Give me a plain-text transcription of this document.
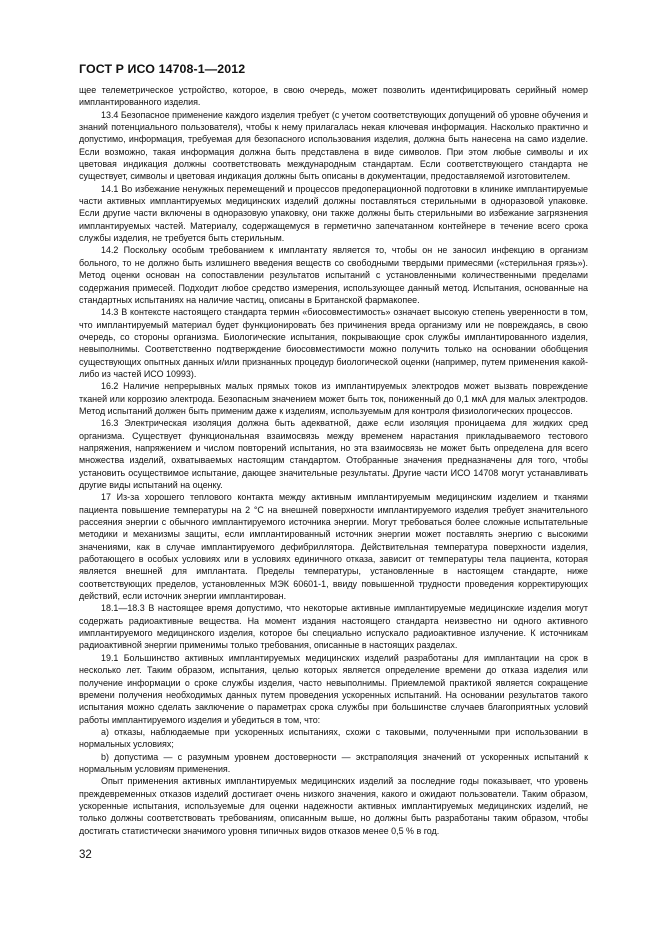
ГОСТ Р ИСО 14708-1—2012

щее телеметрическое устройство, которое, в свою очередь, может позволить идентифицировать серийный номер имплантированного изделия.

13.4 Безопасное применение каждого изделия требует (с учетом соответствующих допущений об уровне обучения и знаний потенциального пользователя), чтобы к нему прилагалась некая ключевая информация. Насколько практично и допустимо, информация, требуемая для безопасного использования изделия, должна быть нанесена на само изделие. Если возможно, такая информация должна быть представлена в виде символов. При этом любые символы и их цветовая индикация должны соответствовать международным стандартам. Если соответствующего стандарта не существует, символы и цветовая индикация должны быть описаны в документации, предоставляемой изготовителем.

14.1 Во избежание ненужных перемещений и процессов предоперационной подготовки в клинике имплантируемые части активных имплантируемых медицинских изделий должны поставляться стерильными в одноразовой упаковке. Если другие части включены в одноразовую упаковку, они также должны быть стерильными во избежание загрязнения имплантируемых частей. Материалу, содержащемуся в герметично запечатанном контейнере в течение всего срока службы изделия, не требуется быть стерильным.

14.2 Поскольку особым требованием к имплантату является то, чтобы он не заносил инфекцию в организм больного, то не должно быть излишнего введения веществ со свободными твердыми примесями («стерильная грязь»). Метод оценки основан на сопоставлении результатов испытаний с установленными количественными пределами содержания примесей. Подходит любое средство измерения, использующее данный метод. Испытания, основанные на стандартных испытаниях на наличие частиц, описаны в Британской фармакопее.

14.3 В контексте настоящего стандарта термин «биосовместимость» означает высокую степень уверенности в том, что имплантируемый материал будет функционировать без причинения вреда организму или не повреждаясь, в свою очередь, со стороны организма. Биологические испытания, покрывающие срок службы имплантированного изделия, невыполнимы. Соответственно подтверждение биосовместимости можно получить только на основании обобщения существующих опытных данных и/или признанных процедур биологической оценки (например, путем применения какой-либо из частей ИСО 10993).

16.2 Наличие непрерывных малых прямых токов из имплантируемых электродов может вызвать повреждение тканей или коррозию электрода. Безопасным значением может быть ток, пониженный до 0,1 мкА для малых электродов. Метод испытаний должен быть применим даже к изделиям, используемым для контроля физиологических процессов.

16.3 Электрическая изоляция должна быть адекватной, даже если изоляция проницаема для жидких сред организма. Существует функциональная взаимосвязь между временем нарастания прикладываемого тестового напряжения, напряжением и числом повторений испытания, но эта взаимосвязь не может быть определена для всего множества изделий, охватываемых настоящим стандартом. Отобранные значения предназначены для того, чтобы установить осуществимое испытание, дающее значительные результаты. Другие части ИСО 14708 могут устанавливать другие виды испытаний на оценку.

17 Из-за хорошего теплового контакта между активным имплантируемым медицинским изделием и тканями пациента повышение температуры на 2 °С на внешней поверхности имплантируемого изделия требует значительного рассеяния энергии с обычного имплантируемого источника энергии. Могут требоваться более сложные испытательные методики и механизмы защиты, если имплантированный источник энергии может поставлять энергию с высокими значениями, как в случае имплантируемого дефибриллятора. Действительная температура поверхности изделия, работающего в особых условиях или в условиях единичного отказа, зависит от температуры тела пациента, которая является внешней для имплантата. Пределы температуры, установленные в настоящем стандарте, ниже соответствующих пределов, установленных МЭК 60601-1, ввиду повышенной трудности проведения корректирующих действий, если источник энергии имплантирован.

18.1—18.3 В настоящее время допустимо, что некоторые активные имплантируемые медицинские изделия могут содержать радиоактивные вещества. На момент издания настоящего стандарта неизвестно ни одного активного имплантируемого медицинского изделия, которое бы специально испускало радиоактивное излучение. К источникам радиоактивной энергии применимы только требования, описанные в настоящих разделах.

19.1 Большинство активных имплантируемых медицинских изделий разработаны для имплантации на срок в несколько лет. Таким образом, испытания, целью которых является определение времени до отказа изделия или получение информации о сроке службы изделия, часто невыполнимы. Приемлемой практикой является сокращение времени получения необходимых данных путем проведения ускоренных испытаний. На основании результатов такого испытания можно сделать заключение о параметрах срока службы при большинстве случаев благоприятных условий работы имплантируемого изделия и убедиться в том, что:

a) отказы, наблюдаемые при ускоренных испытаниях, схожи с таковыми, полученными при использовании в нормальных условиях;

b) допустима — с разумным уровнем достоверности — экстраполяция значений от ускоренных испытаний к нормальным условиям применения.

Опыт применения активных имплантируемых медицинских изделий за последние годы показывает, что уровень преждевременных отказов изделий достигает очень низкого значения, какого и ожидают пользователи. Таким образом, ускоренные испытания, используемые для оценки надежности активных имплантируемых медицинских изделий, не только должны соответствовать требованиям, описанным выше, но должны быть разработаны таким образом, чтобы достигать статистически значимого уровня типичных видов отказов менее 0,5 % в год.

32
